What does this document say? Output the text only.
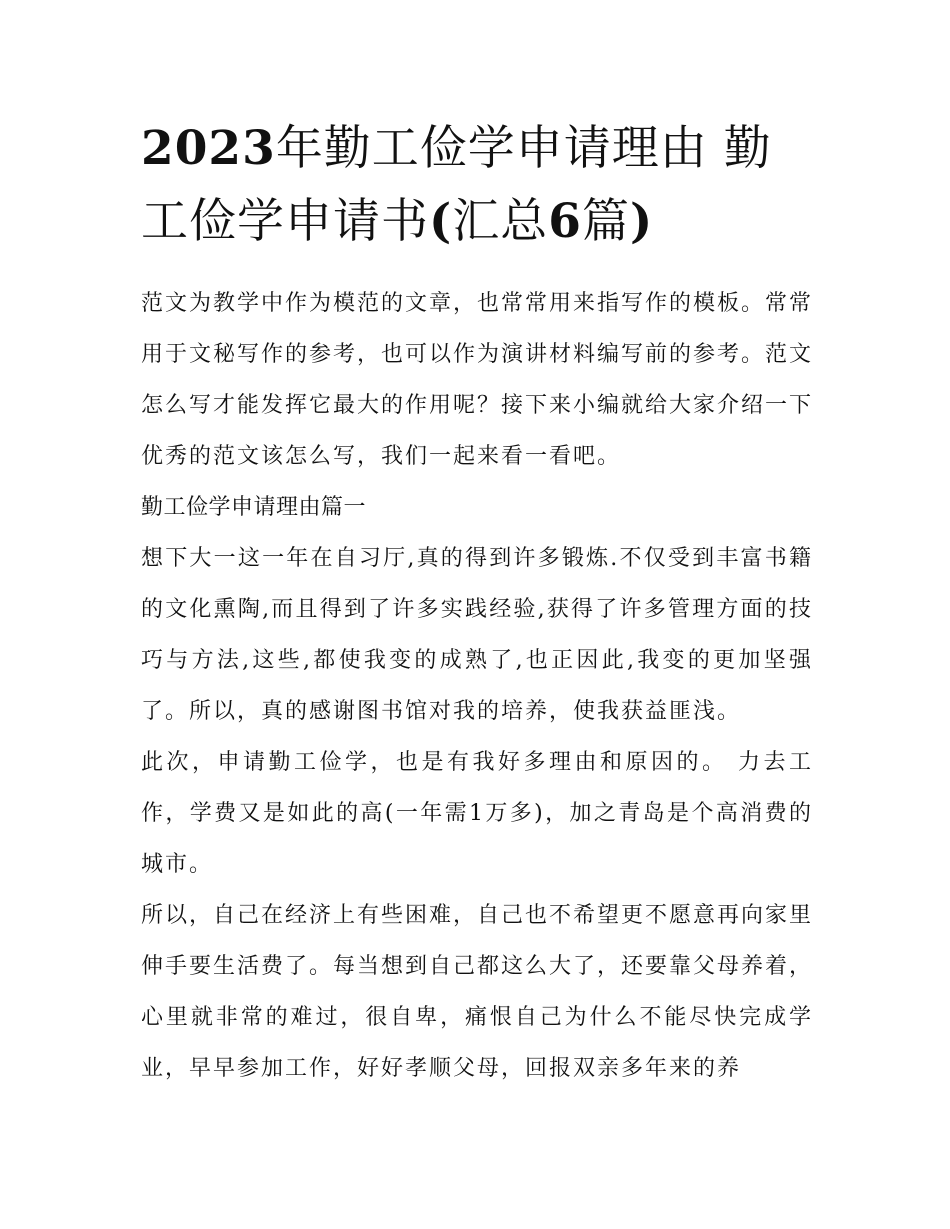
2023年勤工俭学申请理由 勤工俭学申请书(汇总6篇)

范文为教学中作为模范的文章，也常常用来指写作的模板。常常用于文秘写作的参考，也可以作为演讲材料编写前的参考。范文怎么写才能发挥它最大的作用呢？接下来小编就给大家介绍一下优秀的范文该怎么写，我们一起来看一看吧。

勤工俭学申请理由篇一

想下大一这一年在自习厅,真的得到许多锻炼.不仅受到丰富书籍的文化熏陶,而且得到了许多实践经验,获得了许多管理方面的技巧与方法,这些,都使我变的成熟了,也正因此,我变的更加坚强了。所以，真的感谢图书馆对我的培养，使我获益匪浅。

此次，申请勤工俭学，也是有我好多理由和原因的。 力去工作，学费又是如此的高(一年需1万多)，加之青岛是个高消费的城市。

所以，自己在经济上有些困难，自己也不希望更不愿意再向家里伸手要生活费了。每当想到自己都这么大了，还要靠父母养着，心里就非常的难过，很自卑，痛恨自己为什么不能尽快完成学业，早早参加工作，好好孝顺父母，回报双亲多年来的养
